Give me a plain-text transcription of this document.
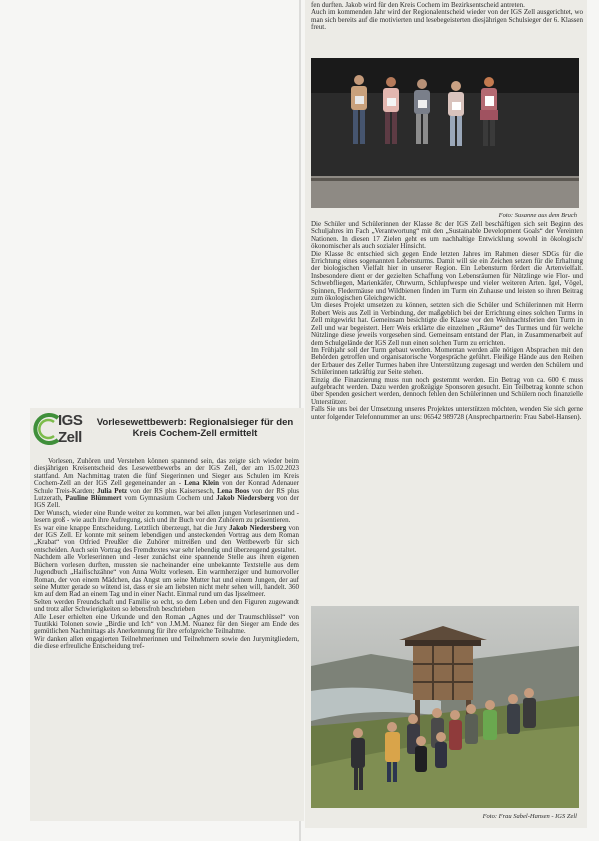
fen durften. Jakob wird für den Kreis Cochem im Bezirksentscheid antreten.

Auch im kommenden Jahr wird der Regionalentscheid wieder von der IGS Zell ausgerichtet, wo man sich bereits auf die motivierten und lesebegeisterten diesjährigen Schulsieger der 6. Klassen freut.

Foto: Susanne aus dem Bruch

Die Schüler und Schülerinnen der Klasse 8c der IGS Zell beschäftigen sich seit Beginn des Schuljahres im Fach „Verantwortung“ mit den „Sustainable Development Goals“ der Vereinten Nationen. In diesen 17 Zielen geht es um nachhaltige Entwicklung sowohl in ökologisch/ ökonomischer als auch sozialer Hinsicht.

Die Klasse 8c entschied sich gegen Ende letzten Jahres im Rahmen dieser SDGs für die Errichtung eines sogenannten Lebensturms. Damit will sie ein Zeichen setzen für die Erhaltung der biologischen Vielfalt hier in unserer Region. Ein Lebensturm fördert die Artenvielfalt. Insbesondere dient er der gezielten Schaffung von Lebensräumen für Nützlinge wie Flor- und Schwebfliegen, Marienkäfer, Ohrwurm, Schlupfwespe und vieler weiteren Arten. Igel, Vögel, Spinnen, Fledermäuse und Wildbienen finden im Turm ein Zuhause und leisten so ihren Beitrag zum ökologischen Gleichgewicht.

Um dieses Projekt umsetzen zu können, setzten sich die Schüler und Schülerinnen mit Herrn Robert Weis aus Zell in Verbindung, der maßgeblich bei der Errichtung eines solchen Turms in Zell mitgewirkt hat. Gemeinsam besichtigte die Klasse vor den Weihnachtsferien den Turm in Zell und war begeistert. Herr Weis erklärte die einzelnen „Räume“ des Turmes und für welche Nützlinge diese jeweils vorgesehen sind. Gemeinsam entstand der Plan, in Zusammenarbeit auf dem Schulgelände der IGS Zell nun einen solchen Turm zu errichten.

Im Frühjahr soll der Turm gebaut werden. Momentan werden alle nötigen Absprachen mit den Behörden getroffen und organisatorische Vorgespräche geführt. Fleißige Hände aus den Reihen der Erbauer des Zeller Turmes haben ihre Unterstützung zugesagt und werden den Schülern und Schülerinnen tatkräftig zur Seite stehen.

Einzig die Finanzierung muss nun noch gestemmt werden. Ein Betrag von ca. 600 € muss aufgebracht werden. Dazu werden großzügige Sponsoren gesucht. Ein Teilbetrag konnte schon über Spenden gesichert werden, dennoch fehlen den Schülerinnen und Schülern noch finanzielle Unterstützer.

Falls Sie uns bei der Umsetzung unseres Projektes unterstützen möchten, wenden Sie sich gerne unter folgender Telefonnummer an uns: 06542 989728 (Ansprechpartnerin: Frau Sabel-Hansen).

Foto: Frau Sabel-Hansen - IGS Zell
IGS Zell
Vorlesewettbewerb: Regionalsieger für den Kreis Cochem-Zell ermittelt

Vorlesen, Zuhören und Verstehen können spannend sein, das zeigte sich wieder beim diesjährigen Kreisentscheid des Lesewettbewerbs an der IGS Zell, der am 15.02.2023 stattfand. Am Nachmittag traten die fünf Siegerinnen und Sieger aus Schulen im Kreis Cochem-Zell an der IGS Zell gegeneinander an - Lena Klein von der Konrad Adenauer Schule Treis-Karden; Julia Petz von der RS plus Kaisersesch, Lena Boos von der RS plus Lutzerath, Pauline Blümmert vom Gymnasium Cochem und Jakob Niedersberg von der IGS Zell.

Der Wunsch, wieder eine Runde weiter zu kommen, war bei allen jungen Vorleserinnen und -lesern groß - wie auch ihre Aufregung, sich und ihr Buch vor den Zuhörern zu präsentieren.

Es war eine knappe Entscheidung. Letztlich überzeugt, hat die Jury Jakob Niedersberg von der IGS Zell. Er konnte mit seinem lebendigen und ansteckenden Vortrag aus dem Roman „Krabat“ von Otfried Preußler die Zuhörer mitreißen und den Wettbewerb für sich entscheiden. Auch sein Vortrag des Fremdtextes war sehr lebendig und überzeugend gestaltet.

Nachdem alle Vorleserinnen und -leser zunächst eine spannende Stelle aus ihren eigenen Büchern vorlesen durften, mussten sie nacheinander eine unbekannte Textstelle aus dem Jugendbuch „Haifischzähne“ von Anna Woltz vorlesen. Ein warmherziger und humorvoller Roman, der von einem Mädchen, das Angst um seine Mutter hat und einem Jungen, der auf seine Mutter gerade so wütend ist, dass er sie am liebsten nicht mehr sehen will, handelt. 360 km auf dem Rad an einem Tag und in einer Nacht. Einmal rund um das Ijsselmeer.

Selten werden Freundschaft und Familie so echt, so dem Leben und den Figuren zugewandt und trotz aller Schwierigkeiten so lebensfroh beschrieben

Alle Leser erhielten eine Urkunde und den Roman „Agnes und der Traumschlüssel“ von Tuutikki Tolonen sowie „Birdie und Ich“ von J.M.M. Nuanez für den Sieger am Ende des gemütlichen Nachmittags als Anerkennung für ihre erfolgreiche Teilnahme.

Wir danken allen engagierten Teilnehmerinnen und Teilnehmern sowie den Jurymitgliedern, die diese erfreuliche Entscheidung tref-
